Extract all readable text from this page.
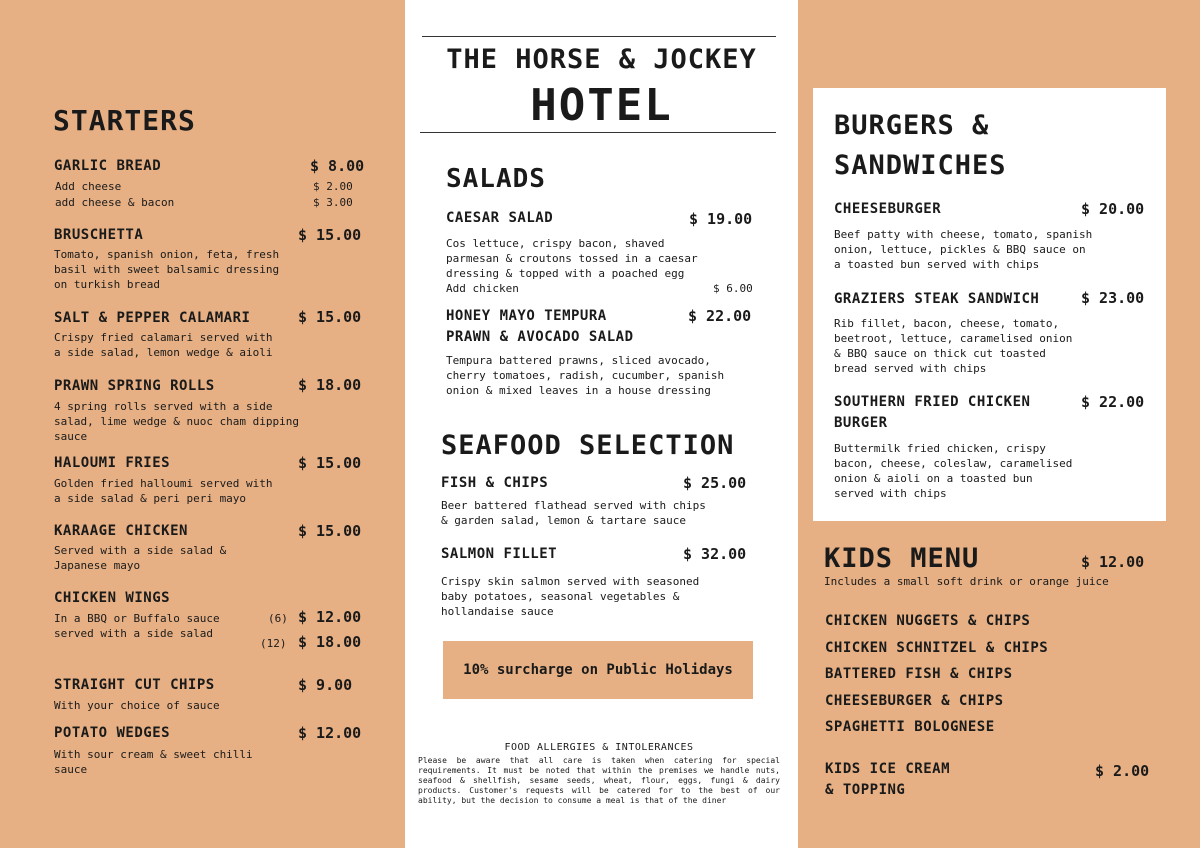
THE HORSE & JOCKEY
HOTEL
STARTERS
GARLIC BREAD	$ 8.00
Add cheese	$ 2.00
add cheese & bacon	$ 3.00
BRUSCHETTA	$ 15.00
Tomato, spanish onion, feta, fresh
basil with sweet balsamic dressing
on turkish bread
SALT & PEPPER CALAMARI	$ 15.00
Crispy fried calamari served with
a side salad, lemon wedge & aioli
PRAWN SPRING ROLLS	$ 18.00
4 spring rolls served with a side
salad, lime wedge & nuoc cham dipping
sauce
HALOUMI FRIES	$ 15.00
Golden fried halloumi served with
a side salad & peri peri mayo
KARAAGE CHICKEN	$ 15.00
Served with a side salad &
Japanese mayo
CHICKEN WINGS
In a BBQ or Buffalo sauce
served with a side salad
(6) $ 12.00
(12) $ 18.00
STRAIGHT CUT CHIPS	$ 9.00
With your choice of sauce
POTATO WEDGES	$ 12.00
With sour cream & sweet chilli
sauce
SALADS
CAESAR SALAD	$ 19.00
Cos lettuce, crispy bacon, shaved
parmesan & croutons tossed in a caesar
dressing & topped with a poached egg
Add chicken	$ 6.00
HONEY MAYO TEMPURA
PRAWN & AVOCADO SALAD
$ 22.00
Tempura battered prawns, sliced avocado,
cherry tomatoes, radish, cucumber, spanish
onion & mixed leaves in a house dressing
SEAFOOD SELECTION
FISH & CHIPS	$ 25.00
Beer battered flathead served with chips
& garden salad, lemon & tartare sauce
SALMON FILLET	$ 32.00
Crispy skin salmon served with seasoned
baby potatoes, seasonal vegetables &
hollandaise sauce
10% surcharge on Public Holidays
FOOD ALLERGIES & INTOLERANCES
Please be aware that all care is taken when catering for special requirements. It must be noted that within the premises we handle nuts, seafood & shellfish, sesame seeds, wheat, flour, eggs, fungi & dairy products. Customer's requests will be catered for to the best of our ability, but the decision to consume a meal is that of the diner
BURGERS &
SANDWICHES
CHEESEBURGER	$ 20.00
Beef patty with cheese, tomato, spanish
onion, lettuce, pickles & BBQ sauce on
a toasted bun served with chips
GRAZIERS STEAK SANDWICH	$ 23.00
Rib fillet, bacon, cheese, tomato,
beetroot, lettuce, caramelised onion
& BBQ sauce on thick cut toasted
bread served with chips
SOUTHERN FRIED CHICKEN
BURGER
$ 22.00
Buttermilk fried chicken, crispy
bacon, cheese, coleslaw, caramelised
onion & aioli on a toasted bun
served with chips
KIDS MENU	$ 12.00
Includes a small soft drink or orange juice
CHICKEN NUGGETS & CHIPS
CHICKEN SCHNITZEL & CHIPS
BATTERED FISH & CHIPS
CHEESEBURGER & CHIPS
SPAGHETTI BOLOGNESE
KIDS ICE CREAM
& TOPPING
$ 2.00
